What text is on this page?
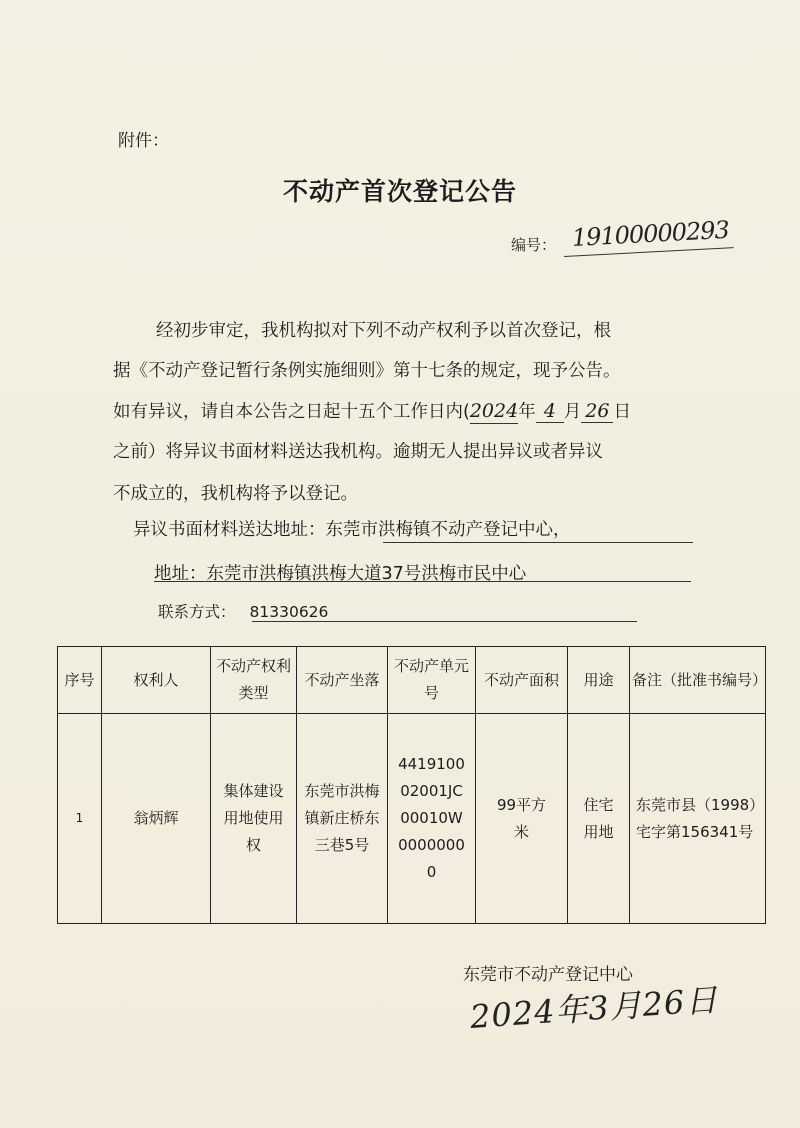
附件：
不动产首次登记公告
编号： 19100000293
经初步审定，我机构拟对下列不动产权利予以首次登记，根
据《不动产登记暂行条例实施细则》第十七条的规定，现予公告。
如有异议，请自本公告之日起十五个工作日内(2024年 4 月 26 日
之前）将异议书面材料送达我机构。逾期无人提出异议或者异议
不成立的，我机构将予以登记。
异议书面材料送达地址：东莞市洪梅镇不动产登记中心，
地址：东莞市洪梅镇洪梅大道37号洪梅市民中心
联系方式： 81330626
序号	权利人	不动产权利类型	不动产坐落	不动产单元号	不动产面积	用途	备注（批准书编号）
1	翁炳辉	集体建设用地使用权	东莞市洪梅镇新庄桥东三巷5号	441910002001JC00010W00000000	99平方米	住宅用地	东莞市县（1998）宅字第156341号
东莞市不动产登记中心
2024年3月26日
